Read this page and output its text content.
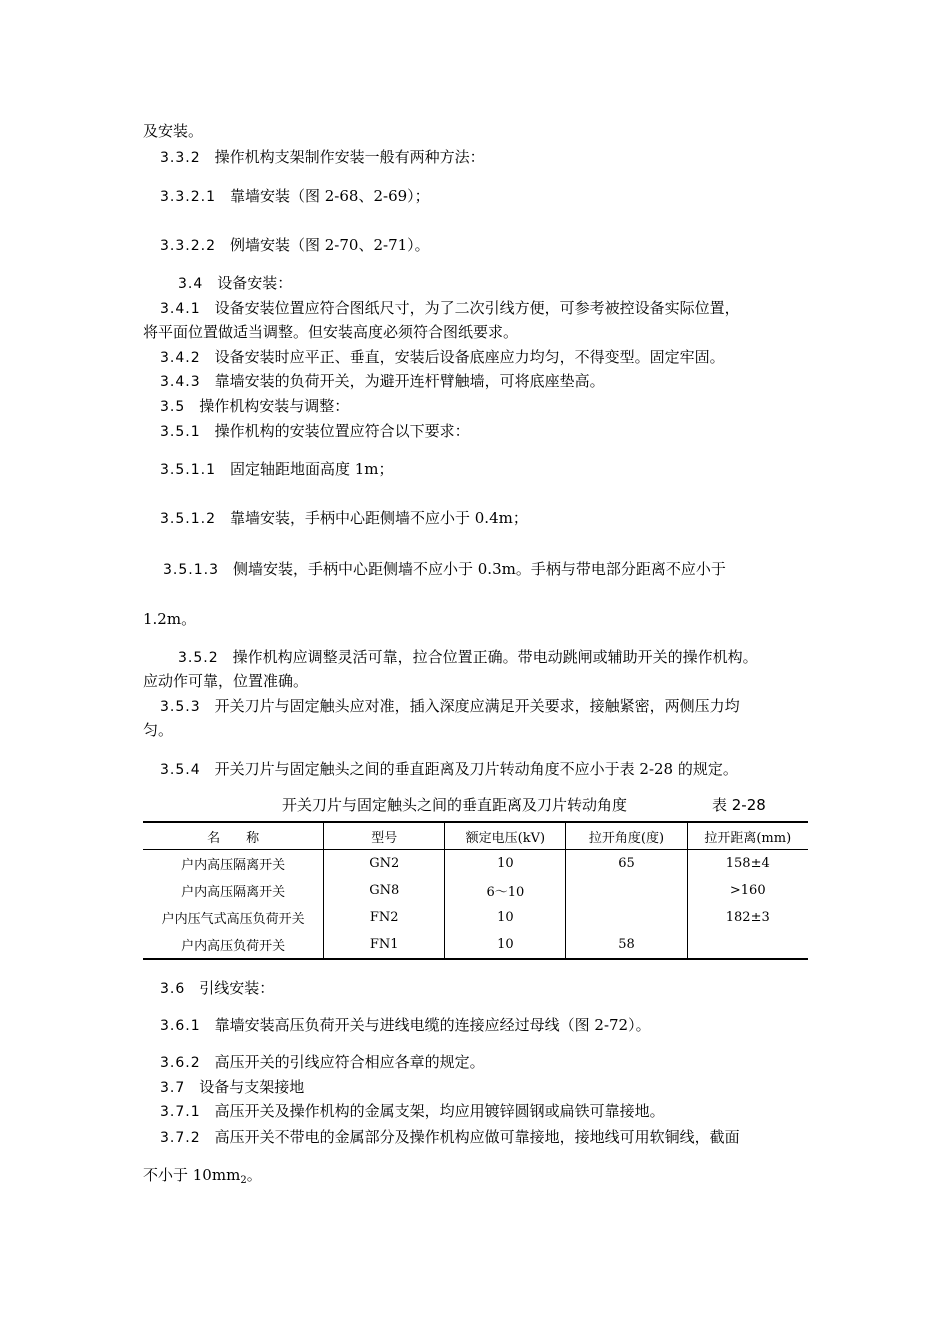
及安装。
3.3.2 操作机构支架制作安装一般有两种方法：
3.3.2.1 靠墙安装（图 2-68、2-69）；
3.3.2.2 例墙安装（图 2-70、2-71）。
3.4 设备安装：
3.4.1 设备安装位置应符合图纸尺寸，为了二次引线方便，可参考被控设备实际位置，
将平面位置做适当调整。但安装高度必须符合图纸要求。
3.4.2 设备安装时应平正、垂直，安装后设备底座应力均匀，不得变型。固定牢固。
3.4.3 靠墙安装的负荷开关，为避开连杆臂触墙，可将底座垫高。
3.5 操作机构安装与调整：
3.5.1 操作机构的安装位置应符合以下要求：
3.5.1.1 固定轴距地面高度 1m；
3.5.1.2 靠墙安装，手柄中心距侧墙不应小于 0.4m；
3.5.1.3 侧墙安装，手柄中心距侧墙不应小于 0.3m。手柄与带电部分距离不应小于
1.2m。
3.5.2 操作机构应调整灵活可靠，拉合位置正确。带电动跳闸或辅助开关的操作机构。
应动作可靠，位置准确。
3.5.3 开关刀片与固定触头应对准，插入深度应满足开关要求，接触紧密，两侧压力均
匀。
3.5.4 开关刀片与固定触头之间的垂直距离及刀片转动角度不应小于表 2-28 的规定。
开关刀片与固定触头之间的垂直距离及刀片转动角度	表 2-28
名　　称	型号	额定电压(kV)	拉开角度(度)	拉开距离(mm)
户内高压隔离开关	GN2	10	65	158±4
户内高压隔离开关	GN8	6～10		>160
户内压气式高压负荷开关	FN2	10		182±3
户内高压负荷开关	FN1	10	58	
3.6 引线安装：
3.6.1 靠墙安装高压负荷开关与进线电缆的连接应经过母线（图 2-72）。
3.6.2 高压开关的引线应符合相应各章的规定。
3.7 设备与支架接地
3.7.1 高压开关及操作机构的金属支架，均应用镀锌圆钢或扁铁可靠接地。
3.7.2 高压开关不带电的金属部分及操作机构应做可靠接地，接地线可用软铜线，截面
不小于 $10mm_2$。
